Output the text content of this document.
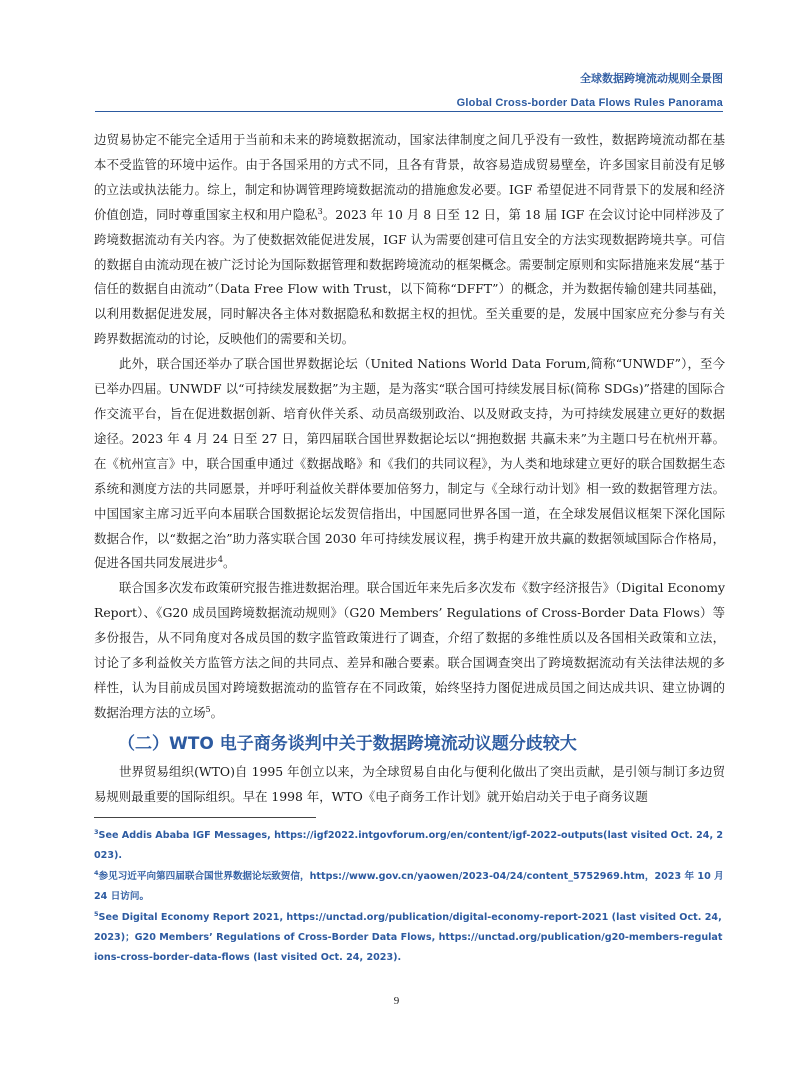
全球数据跨境流动规则全景图
Global Cross-border Data Flows Rules Panorama

边贸易协定不能完全适用于当前和未来的跨境数据流动，国家法律制度之间几乎没有一致性，数据跨境流动都在基本不受监管的环境中运作。由于各国采用的方式不同，且各有背景，故容易造成贸易壁垒，许多国家目前没有足够的立法或执法能力。综上，制定和协调管理跨境数据流动的措施愈发必要。IGF 希望促进不同背景下的发展和经济价值创造，同时尊重国家主权和用户隐私$^3$。2023 年 10 月 8 日至 12 日，第 18 届 IGF 在会议讨论中同样涉及了跨境数据流动有关内容。为了使数据效能促进发展，IGF 认为需要创建可信且安全的方法实现数据跨境共享。可信的数据自由流动现在被广泛讨论为国际数据管理和数据跨境流动的框架概念。需要制定原则和实际措施来发展“基于信任的数据自由流动”（Data Free Flow with Trust，以下简称“DFFT”）的概念，并为数据传输创建共同基础，以利用数据促进发展，同时解决各主体对数据隐私和数据主权的担忧。至关重要的是，发展中国家应充分参与有关跨界数据流动的讨论，反映他们的需要和关切。

此外，联合国还举办了联合国世界数据论坛（United Nations World Data Forum,简称“UNWDF”），至今已举办四届。UNWDF 以“可持续发展数据”为主题，是为落实“联合国可持续发展目标(简称 SDGs)”搭建的国际合作交流平台，旨在促进数据创新、培育伙伴关系、动员高级别政治、以及财政支持，为可持续发展建立更好的数据途径。2023 年 4 月 24 日至 27 日，第四届联合国世界数据论坛以“拥抱数据 共赢未来”为主题口号在杭州开幕。在《杭州宣言》中，联合国重申通过《数据战略》和《我们的共同议程》，为人类和地球建立更好的联合国数据生态系统和测度方法的共同愿景，并呼吁利益攸关群体要加倍努力，制定与《全球行动计划》相一致的数据管理方法。中国国家主席习近平向本届联合国数据论坛发贺信指出，中国愿同世界各国一道，在全球发展倡议框架下深化国际数据合作，以“数据之治”助力落实联合国 2030 年可持续发展议程，携手构建开放共赢的数据领域国际合作格局，促进各国共同发展进步$^4$。

联合国多次发布政策研究报告推进数据治理。联合国近年来先后多次发布《数字经济报告》（Digital Economy Report）、《G20 成员国跨境数据流动规则》（G20 Members’ Regulations of Cross-Border Data Flows）等多份报告，从不同角度对各成员国的数字监管政策进行了调查，介绍了数据的多维性质以及各国相关政策和立法，讨论了多利益攸关方监管方法之间的共同点、差异和融合要素。联合国调查突出了跨境数据流动有关法律法规的多样性，认为目前成员国对跨境数据流动的监管存在不同政策，始终坚持力图促进成员国之间达成共识、建立协调的数据治理方法的立场$^5$。

（二）WTO 电子商务谈判中关于数据跨境流动议题分歧较大

世界贸易组织(WTO)自 1995 年创立以来，为全球贸易自由化与便利化做出了突出贡献，是引领与制订多边贸易规则最重要的国际组织。早在 1998 年，WTO《电子商务工作计划》就开始启动关于电子商务议题

$^3$See Addis Ababa IGF Messages, https://igf2022.intgovforum.org/en/content/igf-2022-outputs(last visited Oct. 24, 2023).

$^4$参见习近平向第四届联合国世界数据论坛致贺信，https://www.gov.cn/yaowen/2023-04/24/content_5752969.htm，2023 年 10 月 24 日访问。

$^5$See Digital Economy Report 2021, https://unctad.org/publication/digital-economy-report-2021 (last visited Oct. 24, 2023)；G20 Members’ Regulations of Cross-Border Data Flows, https://unctad.org/publication/g20-members-regulations-cross-border-data-flows (last visited Oct. 24, 2023).

9
